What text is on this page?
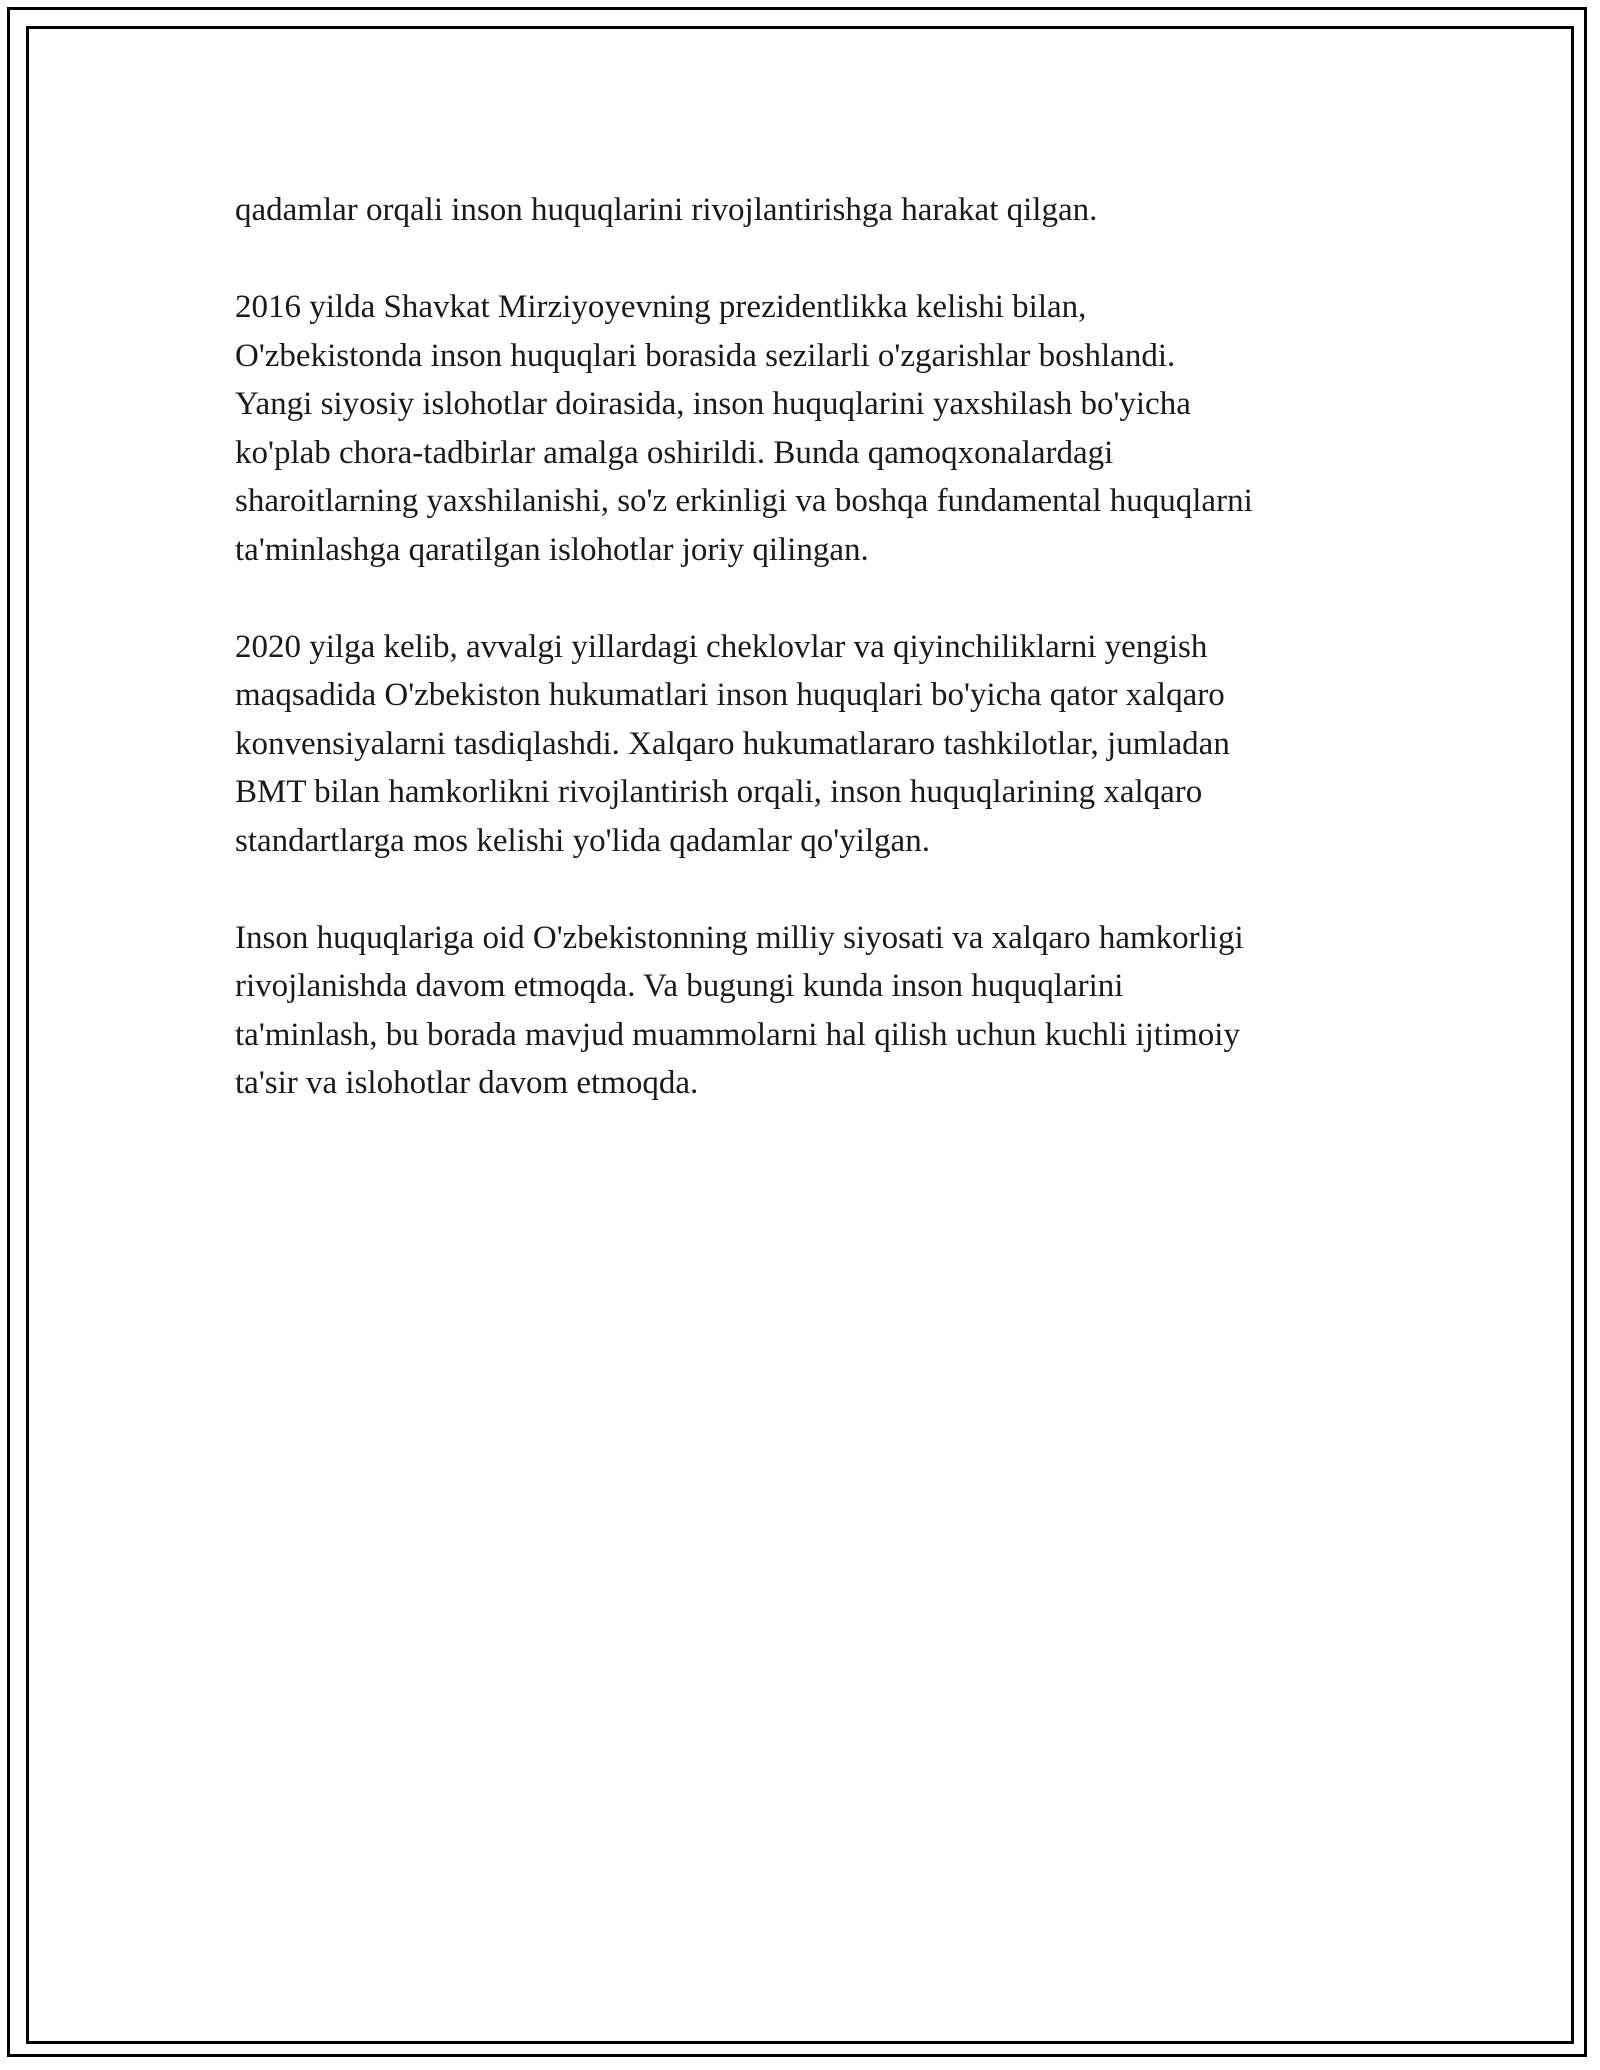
qadamlar orqali inson huquqlarini rivojlantirishga harakat qilgan.

2016 yilda Shavkat Mirziyoyevning prezidentlikka kelishi bilan,
O'zbekistonda inson huquqlari borasida sezilarli o'zgarishlar boshlandi.
Yangi siyosiy islohotlar doirasida, inson huquqlarini yaxshilash bo'yicha
ko'plab chora-tadbirlar amalga oshirildi. Bunda qamoqxonalardagi
sharoitlarning yaxshilanishi, so'z erkinligi va boshqa fundamental huquqlarni
ta'minlashga qaratilgan islohotlar joriy qilingan.

2020 yilga kelib, avvalgi yillardagi cheklovlar va qiyinchiliklarni yengish
maqsadida O'zbekiston hukumatlari inson huquqlari bo'yicha qator xalqaro
konvensiyalarni tasdiqlashdi. Xalqaro hukumatlararo tashkilotlar, jumladan
BMT bilan hamkorlikni rivojlantirish orqali, inson huquqlarining xalqaro
standartlarga mos kelishi yo'lida qadamlar qo'yilgan.

Inson huquqlariga oid O'zbekistonning milliy siyosati va xalqaro hamkorligi
rivojlanishda davom etmoqda. Va bugungi kunda inson huquqlarini
ta'minlash, bu borada mavjud muammolarni hal qilish uchun kuchli ijtimoiy
ta'sir va islohotlar davom etmoqda.
